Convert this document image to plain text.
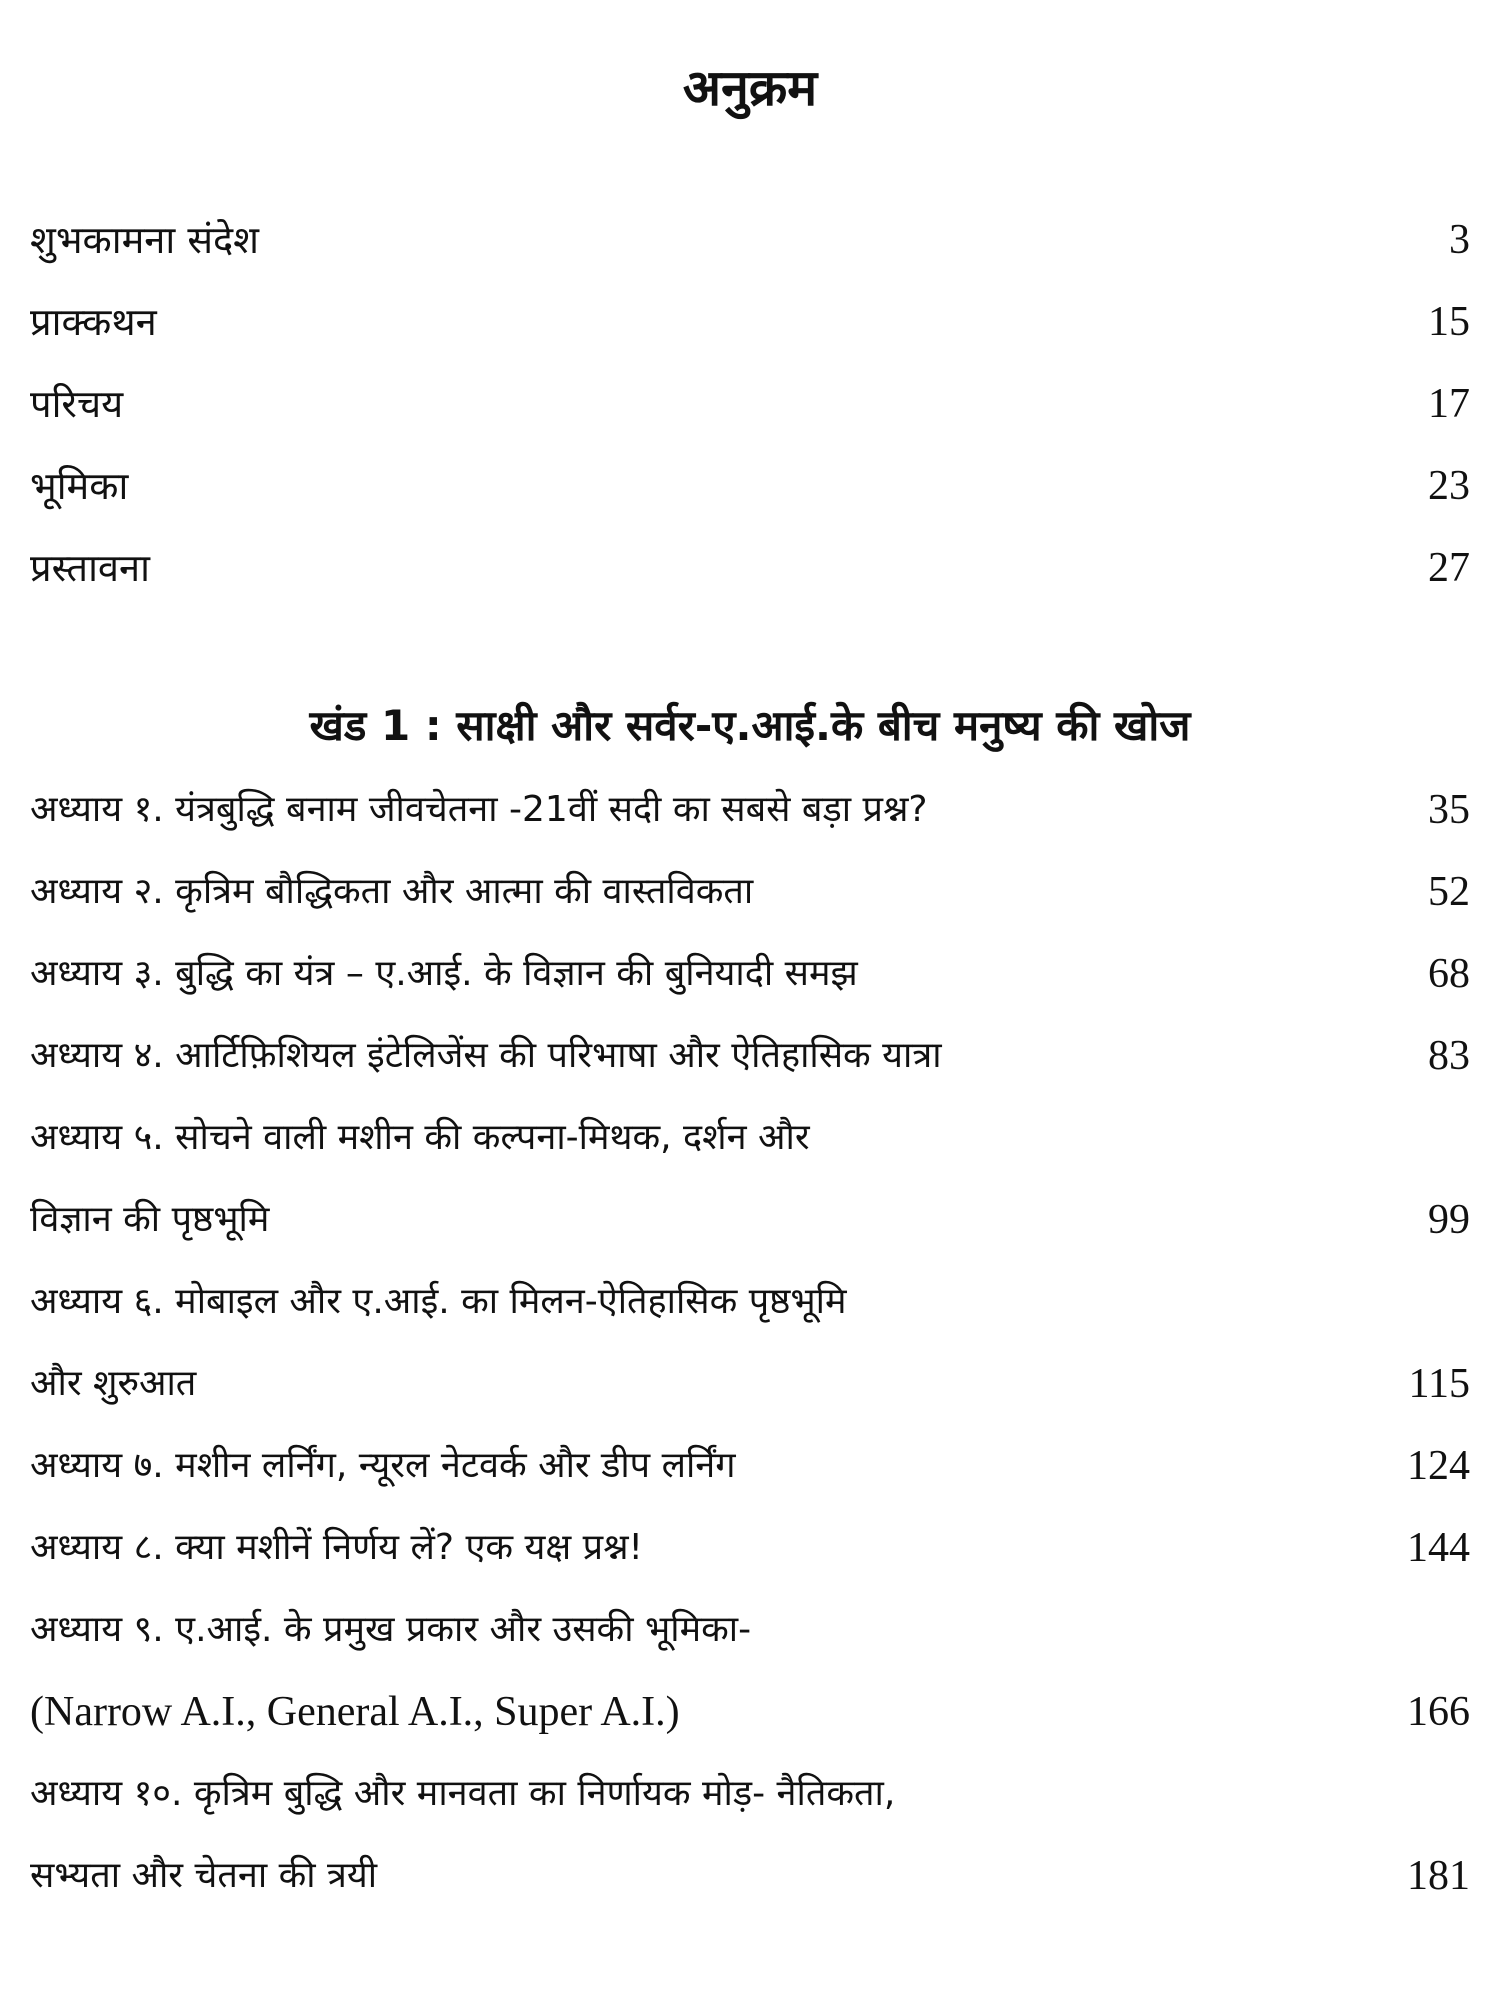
अनुक्रम
शुभकामना संदेश	3
प्राक्कथन	15
परिचय	17
भूमिका	23
प्रस्तावना	27
खंड 1 : साक्षी और सर्वर-ए.आई.के बीच मनुष्य की खोज
अध्याय १. यंत्रबुद्धि बनाम जीवचेतना -21वीं सदी का सबसे बड़ा प्रश्न?	35
अध्याय २. कृत्रिम बौद्धिकता और आत्मा की वास्तविकता	52
अध्याय ३. बुद्धि का यंत्र – ए.आई. के विज्ञान की बुनियादी समझ	68
अध्याय ४. आर्टिफ़िशियल इंटेलिजेंस की परिभाषा और ऐतिहासिक यात्रा	83
अध्याय ५. सोचने वाली मशीन की कल्पना-मिथक, दर्शन और
विज्ञान की पृष्ठभूमि	99
अध्याय ६. मोबाइल और ए.आई. का मिलन-ऐतिहासिक पृष्ठभूमि
और शुरुआत	115
अध्याय ७. मशीन लर्निंग, न्यूरल नेटवर्क और डीप लर्निंग	124
अध्याय ८. क्या मशीनें निर्णय लें? एक यक्ष प्रश्न!	144
अध्याय ९. ए.आई. के प्रमुख प्रकार और उसकी भूमिका-
(Narrow A.I., General A.I., Super A.I.)	166
अध्याय १०. कृत्रिम बुद्धि और मानवता का निर्णायक मोड़- नैतिकता,
सभ्यता और चेतना की त्रयी	181
